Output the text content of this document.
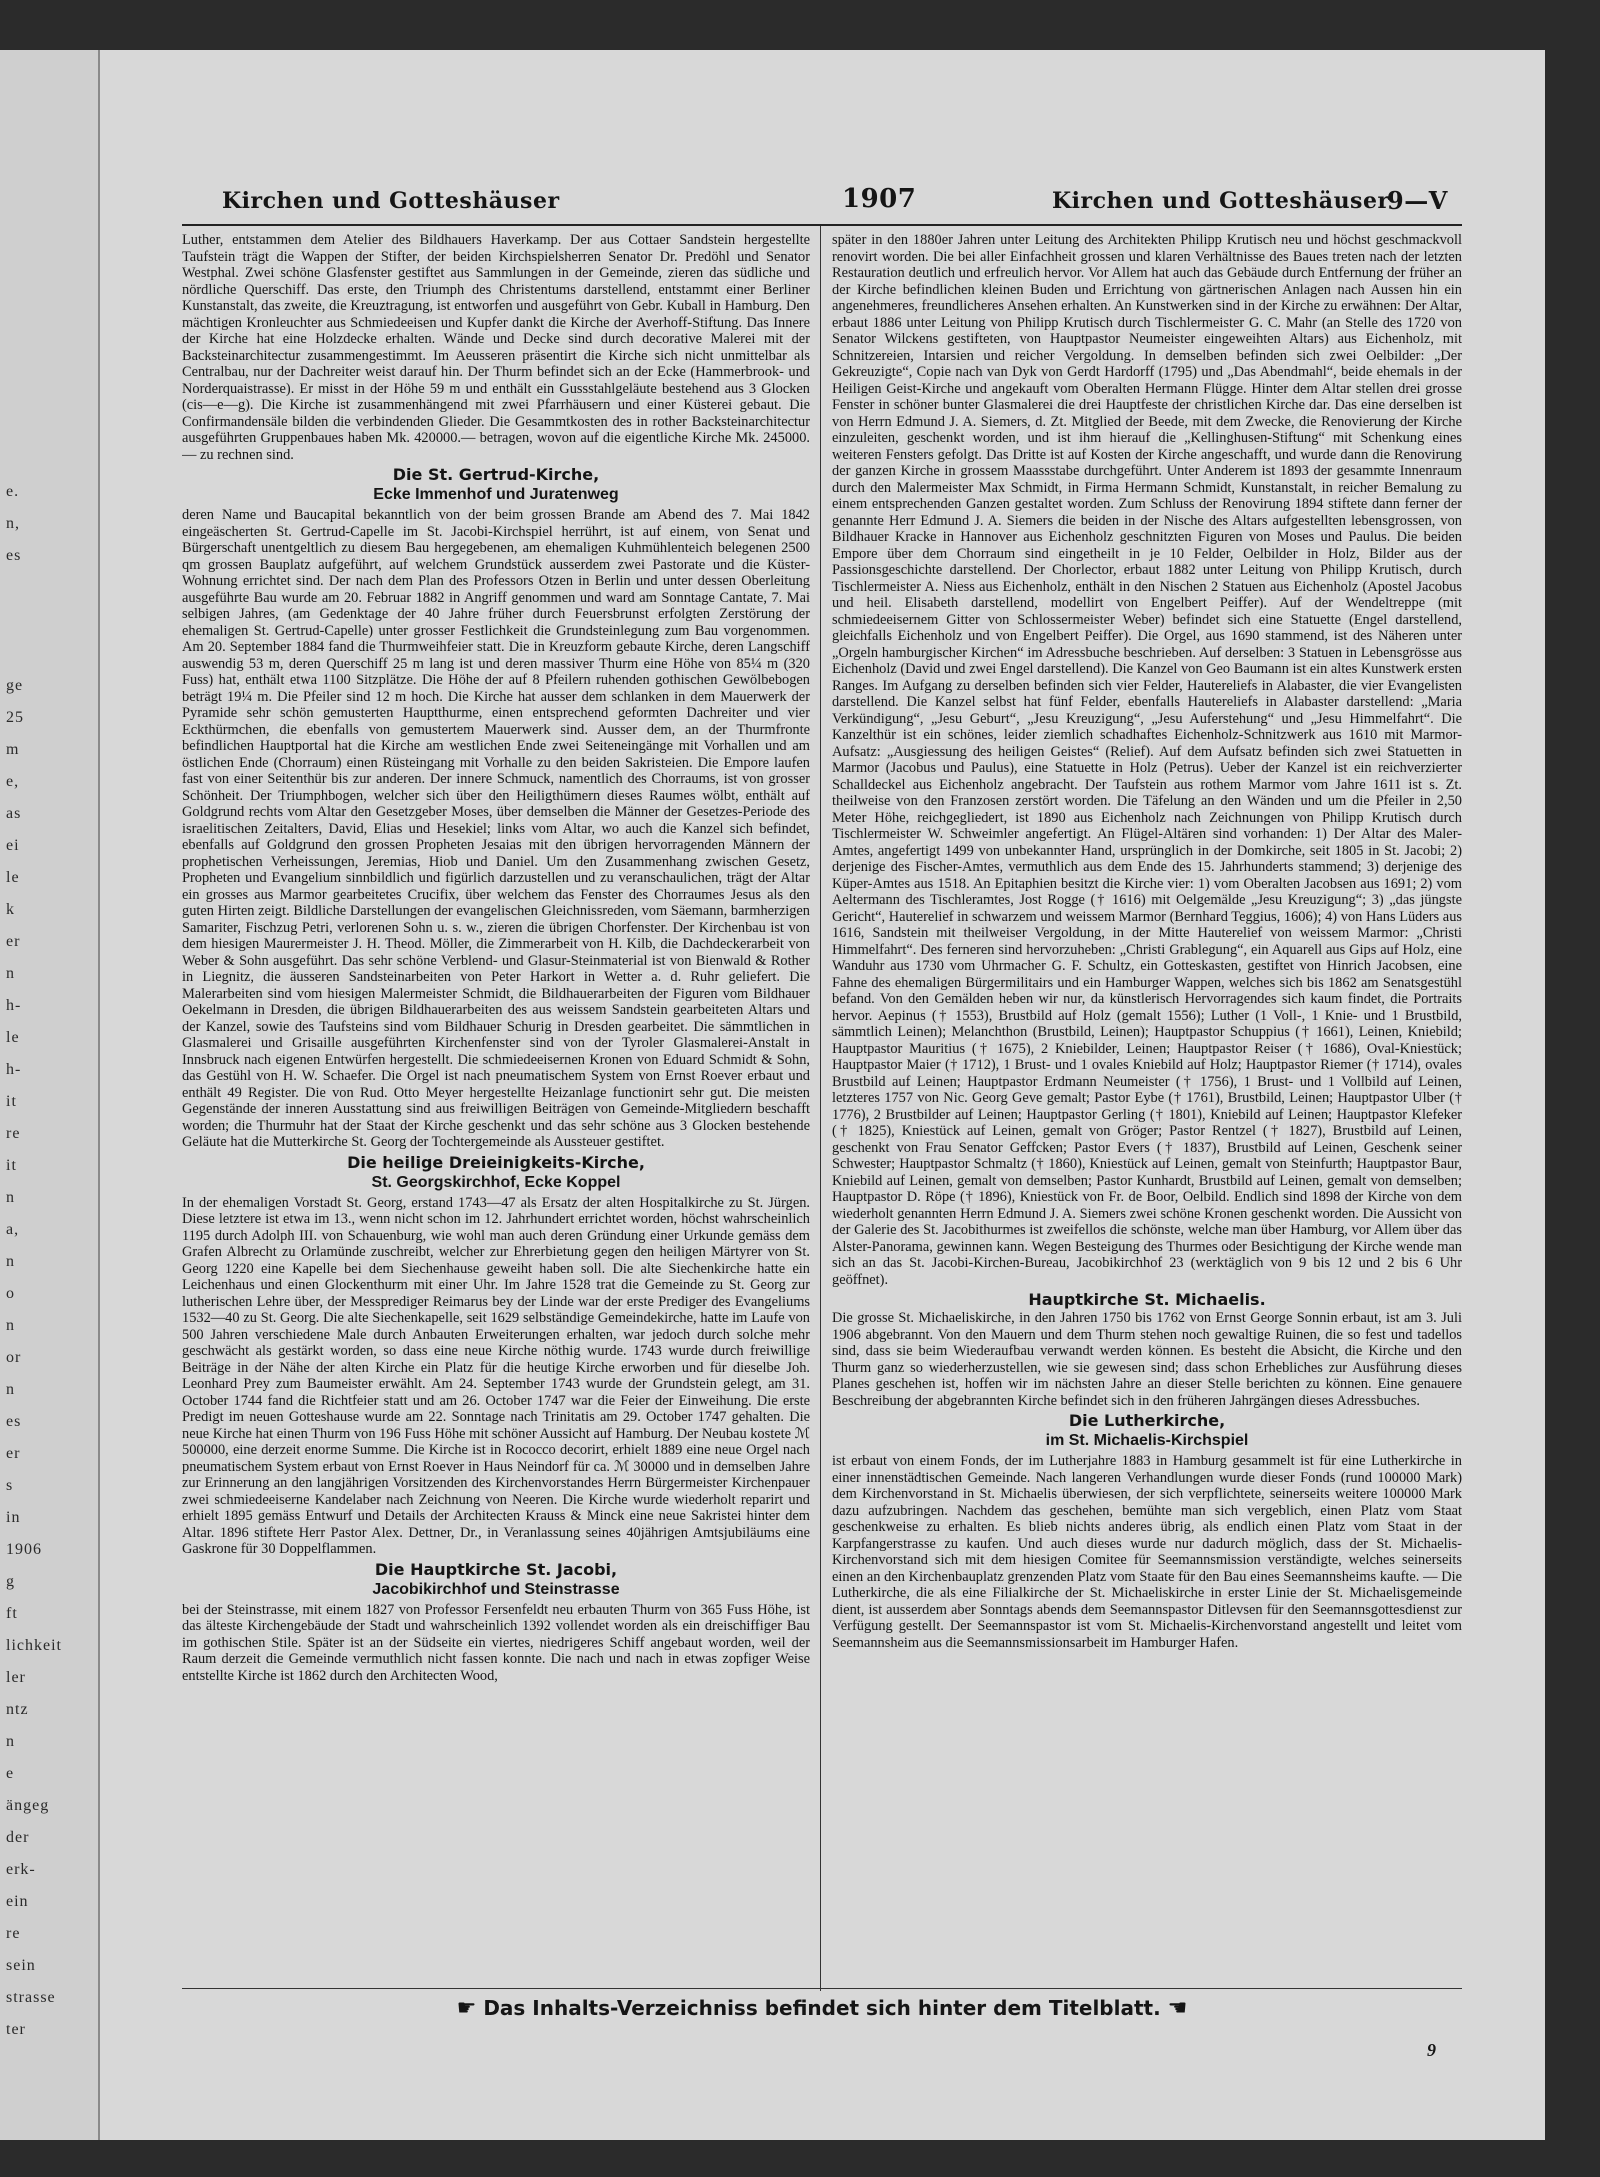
e.
n,
es
ge
25
m
e,
as
ei
le
k
er
n
h-
le
h-
it
re
it
n
a,
n
o
n
or
n
es
er
s
in
1906
g
ft
lichkeit
ler
ntz
n
e
ängeg
der
erk-
ein
re
sein
strasse
ter
Kirchen und Gotteshäuser	1907	Kirchen und Gotteshäuser
9—V

Luther, entstammen dem Atelier des Bildhauers Haverkamp. Der aus Cottaer Sandstein hergestellte Taufstein trägt die Wappen der Stifter, der beiden Kirchspielsherren Senator Dr. Predöhl und Senator Westphal. Zwei schöne Glasfenster gestiftet aus Sammlungen in der Gemeinde, zieren das südliche und nördliche Querschiff. Das erste, den Triumph des Christentums darstellend, entstammt einer Berliner Kunstanstalt, das zweite, die Kreuztragung, ist entworfen und ausgeführt von Gebr. Kuball in Hamburg. Den mächtigen Kronleuchter aus Schmiedeeisen und Kupfer dankt die Kirche der Averhoff-Stiftung. Das Innere der Kirche hat eine Holzdecke erhalten. Wände und Decke sind durch decorative Malerei mit der Backsteinarchitectur zusammengestimmt. Im Aeusseren präsentirt die Kirche sich nicht unmittelbar als Centralbau, nur der Dachreiter weist darauf hin. Der Thurm befindet sich an der Ecke (Hammerbrook- und Norderquaistrasse). Er misst in der Höhe 59 m und enthält ein Gussstahlgeläute bestehend aus 3 Glocken (cis—e—g). Die Kirche ist zusammenhängend mit zwei Pfarrhäusern und einer Küsterei gebaut. Die Confirmandensäle bilden die verbindenden Glieder. Die Gesammtkosten des in rother Backsteinarchitectur ausgeführten Gruppenbaues haben Mk. 420000.— betragen, wovon auf die eigentliche Kirche Mk. 245000.— zu rechnen sind.

Die St. Gertrud-Kirche,
Ecke Immenhof und Juratenweg

deren Name und Baucapital bekanntlich von der beim grossen Brande am Abend des 7. Mai 1842 eingeäscherten St. Gertrud-Capelle im St. Jacobi-Kirchspiel herrührt, ist auf einem, von Senat und Bürgerschaft unentgeltlich zu diesem Bau hergegebenen, am ehemaligen Kuhmühlenteich belegenen 2500 qm grossen Bauplatz aufgeführt, auf welchem Grundstück ausserdem zwei Pastorate und die Küster-Wohnung errichtet sind. Der nach dem Plan des Professors Otzen in Berlin und unter dessen Oberleitung ausgeführte Bau wurde am 20. Februar 1882 in Angriff genommen und ward am Sonntage Cantate, 7. Mai selbigen Jahres, (am Gedenktage der 40 Jahre früher durch Feuersbrunst erfolgten Zerstörung der ehemaligen St. Gertrud-Capelle) unter grosser Festlichkeit die Grundsteinlegung zum Bau vorgenommen. Am 20. September 1884 fand die Thurmweihfeier statt. Die in Kreuzform gebaute Kirche, deren Langschiff auswendig 53 m, deren Querschiff 25 m lang ist und deren massiver Thurm eine Höhe von 85¼ m (320 Fuss) hat, enthält etwa 1100 Sitzplätze. Die Höhe der auf 8 Pfeilern ruhenden gothischen Gewölbebogen beträgt 19¼ m. Die Pfeiler sind 12 m hoch. Die Kirche hat ausser dem schlanken in dem Mauerwerk der Pyramide sehr schön gemusterten Hauptthurme, einen entsprechend geformten Dachreiter und vier Eckthürmchen, die ebenfalls von gemustertem Mauerwerk sind. Ausser dem, an der Thurmfronte befindlichen Hauptportal hat die Kirche am westlichen Ende zwei Seiteneingänge mit Vorhallen und am östlichen Ende (Chorraum) einen Rüsteingang mit Vorhalle zu den beiden Sakristeien. Die Empore laufen fast von einer Seitenthür bis zur anderen. Der innere Schmuck, namentlich des Chorraums, ist von grosser Schönheit. Der Triumphbogen, welcher sich über den Heiligthümern dieses Raumes wölbt, enthält auf Goldgrund rechts vom Altar den Gesetzgeber Moses, über demselben die Männer der Gesetzes-Periode des israelitischen Zeitalters, David, Elias und Hesekiel; links vom Altar, wo auch die Kanzel sich befindet, ebenfalls auf Goldgrund den grossen Propheten Jesaias mit den übrigen hervorragenden Männern der prophetischen Verheissungen, Jeremias, Hiob und Daniel. Um den Zusammenhang zwischen Gesetz, Propheten und Evangelium sinnbildlich und figürlich darzustellen und zu veranschaulichen, trägt der Altar ein grosses aus Marmor gearbeitetes Crucifix, über welchem das Fenster des Chorraumes Jesus als den guten Hirten zeigt. Bildliche Darstellungen der evangelischen Gleichnissreden, vom Säemann, barmherzigen Samariter, Fischzug Petri, verlorenen Sohn u. s. w., zieren die übrigen Chorfenster. Der Kirchenbau ist von dem hiesigen Maurermeister J. H. Theod. Möller, die Zimmerarbeit von H. Kilb, die Dachdeckerarbeit von Weber & Sohn ausgeführt. Das sehr schöne Verblend- und Glasur-Steinmaterial ist von Bienwald & Rother in Liegnitz, die äusseren Sandsteinarbeiten von Peter Harkort in Wetter a. d. Ruhr geliefert. Die Malerarbeiten sind vom hiesigen Malermeister Schmidt, die Bildhauerarbeiten der Figuren vom Bildhauer Oekelmann in Dresden, die übrigen Bildhauerarbeiten des aus weissem Sandstein gearbeiteten Altars und der Kanzel, sowie des Taufsteins sind vom Bildhauer Schurig in Dresden gearbeitet. Die sämmtlichen in Glasmalerei und Grisaille ausgeführten Kirchenfenster sind von der Tyroler Glasmalerei-Anstalt in Innsbruck nach eigenen Entwürfen hergestellt. Die schmiedeeisernen Kronen von Eduard Schmidt & Sohn, das Gestühl von H. W. Schaefer. Die Orgel ist nach pneumatischem System von Ernst Roever erbaut und enthält 49 Register. Die von Rud. Otto Meyer hergestellte Heizanlage functionirt sehr gut. Die meisten Gegenstände der inneren Ausstattung sind aus freiwilligen Beiträgen von Gemeinde-Mitgliedern beschafft worden; die Thurmuhr hat der Staat der Kirche geschenkt und das sehr schöne aus 3 Glocken bestehende Geläute hat die Mutterkirche St. Georg der Tochtergemeinde als Aussteuer gestiftet.

Die heilige Dreieinigkeits-Kirche,
St. Georgskirchhof, Ecke Koppel

In der ehemaligen Vorstadt St. Georg, erstand 1743—47 als Ersatz der alten Hospitalkirche zu St. Jürgen. Diese letztere ist etwa im 13., wenn nicht schon im 12. Jahrhundert errichtet worden, höchst wahrscheinlich 1195 durch Adolph III. von Schauenburg, wie wohl man auch deren Gründung einer Urkunde gemäss dem Grafen Albrecht zu Orlamünde zuschreibt, welcher zur Ehrerbietung gegen den heiligen Märtyrer von St. Georg 1220 eine Kapelle bei dem Siechenhause geweiht haben soll. Die alte Siechenkirche hatte ein Leichenhaus und einen Glockenthurm mit einer Uhr. Im Jahre 1528 trat die Gemeinde zu St. Georg zur lutherischen Lehre über, der Messprediger Reimarus bey der Linde war der erste Prediger des Evangeliums 1532—40 zu St. Georg. Die alte Siechenkapelle, seit 1629 selbständige Gemeindekirche, hatte im Laufe von 500 Jahren verschiedene Male durch Anbauten Erweiterungen erhalten, war jedoch durch solche mehr geschwächt als gestärkt worden, so dass eine neue Kirche nöthig wurde. 1743 wurde durch freiwillige Beiträge in der Nähe der alten Kirche ein Platz für die heutige Kirche erworben und für dieselbe Joh. Leonhard Prey zum Baumeister erwählt. Am 24. September 1743 wurde der Grundstein gelegt, am 31. October 1744 fand die Richtfeier statt und am 26. October 1747 war die Feier der Einweihung. Die erste Predigt im neuen Gotteshause wurde am 22. Sonntage nach Trinitatis am 29. October 1747 gehalten. Die neue Kirche hat einen Thurm von 196 Fuss Höhe mit schöner Aussicht auf Hamburg. Der Neubau kostete ℳ 500000, eine derzeit enorme Summe. Die Kirche ist in Rococco decorirt, erhielt 1889 eine neue Orgel nach pneumatischem System erbaut von Ernst Roever in Haus Neindorf für ca. ℳ 30000 und in demselben Jahre zur Erinnerung an den langjährigen Vorsitzenden des Kirchenvorstandes Herrn Bürgermeister Kirchenpauer zwei schmiedeeiserne Kandelaber nach Zeichnung von Neeren. Die Kirche wurde wiederholt reparirt und erhielt 1895 gemäss Entwurf und Details der Architecten Krauss & Minck eine neue Sakristei hinter dem Altar. 1896 stiftete Herr Pastor Alex. Dettner, Dr., in Veranlassung seines 40jährigen Amtsjubiläums eine Gaskrone für 30 Doppelflammen.

Die Hauptkirche St. Jacobi,
Jacobikirchhof und Steinstrasse

bei der Steinstrasse, mit einem 1827 von Professor Fersenfeldt neu erbauten Thurm von 365 Fuss Höhe, ist das älteste Kirchengebäude der Stadt und wahrscheinlich 1392 vollendet worden als ein dreischiffiger Bau im gothischen Stile. Später ist an der Südseite ein viertes, niedrigeres Schiff angebaut worden, weil der Raum derzeit die Gemeinde vermuthlich nicht fassen konnte. Die nach und nach in etwas zopfiger Weise entstellte Kirche ist 1862 durch den Architecten Wood,

später in den 1880er Jahren unter Leitung des Architekten Philipp Krutisch neu und höchst geschmackvoll renovirt worden. Die bei aller Einfachheit grossen und klaren Verhältnisse des Baues treten nach der letzten Restauration deutlich und erfreulich hervor. Vor Allem hat auch das Gebäude durch Entfernung der früher an der Kirche befindlichen kleinen Buden und Errichtung von gärtnerischen Anlagen nach Aussen hin ein angenehmeres, freundlicheres Ansehen erhalten. An Kunstwerken sind in der Kirche zu erwähnen: Der Altar, erbaut 1886 unter Leitung von Philipp Krutisch durch Tischlermeister G. C. Mahr (an Stelle des 1720 von Senator Wilckens gestifteten, von Hauptpastor Neumeister eingeweihten Altars) aus Eichenholz, mit Schnitzereien, Intarsien und reicher Vergoldung. In demselben befinden sich zwei Oelbilder: „Der Gekreuzigte“, Copie nach van Dyk von Gerdt Hardorff (1795) und „Das Abendmahl“, beide ehemals in der Heiligen Geist-Kirche und angekauft vom Oberalten Hermann Flügge. Hinter dem Altar stellen drei grosse Fenster in schöner bunter Glasmalerei die drei Hauptfeste der christlichen Kirche dar. Das eine derselben ist von Herrn Edmund J. A. Siemers, d. Zt. Mitglied der Beede, mit dem Zwecke, die Renovierung der Kirche einzuleiten, geschenkt worden, und ist ihm hierauf die „Kellinghusen-Stiftung“ mit Schenkung eines weiteren Fensters gefolgt. Das Dritte ist auf Kosten der Kirche angeschafft, und wurde dann die Renovirung der ganzen Kirche in grossem Maassstabe durchgeführt. Unter Anderem ist 1893 der gesammte Innenraum durch den Malermeister Max Schmidt, in Firma Hermann Schmidt, Kunstanstalt, in reicher Bemalung zu einem entsprechenden Ganzen gestaltet worden. Zum Schluss der Renovirung 1894 stiftete dann ferner der genannte Herr Edmund J. A. Siemers die beiden in der Nische des Altars aufgestellten lebensgrossen, von Bildhauer Kracke in Hannover aus Eichenholz geschnitzten Figuren von Moses und Paulus. Die beiden Empore über dem Chorraum sind eingetheilt in je 10 Felder, Oelbilder in Holz, Bilder aus der Passionsgeschichte darstellend. Der Chorlector, erbaut 1882 unter Leitung von Philipp Krutisch, durch Tischlermeister A. Niess aus Eichenholz, enthält in den Nischen 2 Statuen aus Eichenholz (Apostel Jacobus und heil. Elisabeth darstellend, modellirt von Engelbert Peiffer). Auf der Wendeltreppe (mit schmiedeeisernem Gitter von Schlossermeister Weber) befindet sich eine Statuette (Engel darstellend, gleichfalls Eichenholz und von Engelbert Peiffer). Die Orgel, aus 1690 stammend, ist des Näheren unter „Orgeln hamburgischer Kirchen“ im Adressbuche beschrieben. Auf derselben: 3 Statuen in Lebensgrösse aus Eichenholz (David und zwei Engel darstellend). Die Kanzel von Geo Baumann ist ein altes Kunstwerk ersten Ranges. Im Aufgang zu derselben befinden sich vier Felder, Hautereliefs in Alabaster, die vier Evangelisten darstellend. Die Kanzel selbst hat fünf Felder, ebenfalls Hautereliefs in Alabaster darstellend: „Maria Verkündigung“, „Jesu Geburt“, „Jesu Kreuzigung“, „Jesu Auferstehung“ und „Jesu Himmelfahrt“. Die Kanzelthür ist ein schönes, leider ziemlich schadhaftes Eichenholz-Schnitzwerk aus 1610 mit Marmor-Aufsatz: „Ausgiessung des heiligen Geistes“ (Relief). Auf dem Aufsatz befinden sich zwei Statuetten in Marmor (Jacobus und Paulus), eine Statuette in Holz (Petrus). Ueber der Kanzel ist ein reichverzierter Schalldeckel aus Eichenholz angebracht. Der Taufstein aus rothem Marmor vom Jahre 1611 ist s. Zt. theilweise von den Franzosen zerstört worden. Die Täfelung an den Wänden und um die Pfeiler in 2,50 Meter Höhe, reichgegliedert, ist 1890 aus Eichenholz nach Zeichnungen von Philipp Krutisch durch Tischlermeister W. Schweimler angefertigt. An Flügel-Altären sind vorhanden: 1) Der Altar des Maler-Amtes, angefertigt 1499 von unbekannter Hand, ursprünglich in der Domkirche, seit 1805 in St. Jacobi; 2) derjenige des Fischer-Amtes, vermuthlich aus dem Ende des 15. Jahrhunderts stammend; 3) derjenige des Küper-Amtes aus 1518. An Epitaphien besitzt die Kirche vier: 1) vom Oberalten Jacobsen aus 1691; 2) vom Aeltermann des Tischleramtes, Jost Rogge († 1616) mit Oelgemälde „Jesu Kreuzigung“; 3) „das jüngste Gericht“, Hauterelief in schwarzem und weissem Marmor (Bernhard Teggius, 1606); 4) von Hans Lüders aus 1616, Sandstein mit theilweiser Vergoldung, in der Mitte Hauterelief von weissem Marmor: „Christi Himmelfahrt“. Des ferneren sind hervorzuheben: „Christi Grablegung“, ein Aquarell aus Gips auf Holz, eine Wanduhr aus 1730 vom Uhrmacher G. F. Schultz, ein Gotteskasten, gestiftet von Hinrich Jacobsen, eine Fahne des ehemaligen Bürgermilitairs und ein Hamburger Wappen, welches sich bis 1862 am Senatsgestühl befand. Von den Gemälden heben wir nur, da künstlerisch Hervorragendes sich kaum findet, die Portraits hervor. Aepinus († 1553), Brustbild auf Holz (gemalt 1556); Luther (1 Voll-, 1 Knie- und 1 Brustbild, sämmtlich Leinen); Melanchthon (Brustbild, Leinen); Hauptpastor Schuppius († 1661), Leinen, Kniebild; Hauptpastor Mauritius († 1675), 2 Kniebilder, Leinen; Hauptpastor Reiser († 1686), Oval-Kniestück; Hauptpastor Maier († 1712), 1 Brust- und 1 ovales Kniebild auf Holz; Hauptpastor Riemer († 1714), ovales Brustbild auf Leinen; Hauptpastor Erdmann Neumeister († 1756), 1 Brust- und 1 Vollbild auf Leinen, letzteres 1757 von Nic. Georg Geve gemalt; Pastor Eybe († 1761), Brustbild, Leinen; Hauptpastor Ulber († 1776), 2 Brustbilder auf Leinen; Hauptpastor Gerling († 1801), Kniebild auf Leinen; Hauptpastor Klefeker († 1825), Kniestück auf Leinen, gemalt von Gröger; Pastor Rentzel († 1827), Brustbild auf Leinen, geschenkt von Frau Senator Geffcken; Pastor Evers († 1837), Brustbild auf Leinen, Geschenk seiner Schwester; Hauptpastor Schmaltz († 1860), Kniestück auf Leinen, gemalt von Steinfurth; Hauptpastor Baur, Kniebild auf Leinen, gemalt von demselben; Pastor Kunhardt, Brustbild auf Leinen, gemalt von demselben; Hauptpastor D. Röpe († 1896), Kniestück von Fr. de Boor, Oelbild. Endlich sind 1898 der Kirche von dem wiederholt genannten Herrn Edmund J. A. Siemers zwei schöne Kronen geschenkt worden. Die Aussicht von der Galerie des St. Jacobithurmes ist zweifellos die schönste, welche man über Hamburg, vor Allem über das Alster-Panorama, gewinnen kann. Wegen Besteigung des Thurmes oder Besichtigung der Kirche wende man sich an das St. Jacobi-Kirchen-Bureau, Jacobikirchhof 23 (werktäglich von 9 bis 12 und 2 bis 6 Uhr geöffnet).

Hauptkirche St. Michaelis.

Die grosse St. Michaeliskirche, in den Jahren 1750 bis 1762 von Ernst George Sonnin erbaut, ist am 3. Juli 1906 abgebrannt. Von den Mauern und dem Thurm stehen noch gewaltige Ruinen, die so fest und tadellos sind, dass sie beim Wiederaufbau verwandt werden können. Es besteht die Absicht, die Kirche und den Thurm ganz so wiederherzustellen, wie sie gewesen sind; dass schon Erhebliches zur Ausführung dieses Planes geschehen ist, hoffen wir im nächsten Jahre an dieser Stelle berichten zu können. Eine genauere Beschreibung der abgebrannten Kirche befindet sich in den früheren Jahrgängen dieses Adressbuches.

Die Lutherkirche,
im St. Michaelis-Kirchspiel

ist erbaut von einem Fonds, der im Lutherjahre 1883 in Hamburg gesammelt ist für eine Lutherkirche in einer innenstädtischen Gemeinde. Nach langeren Verhandlungen wurde dieser Fonds (rund 100000 Mark) dem Kirchenvorstand in St. Michaelis überwiesen, der sich verpflichtete, seinerseits weitere 100000 Mark dazu aufzubringen. Nachdem das geschehen, bemühte man sich vergeblich, einen Platz vom Staat geschenkweise zu erhalten. Es blieb nichts anderes übrig, als endlich einen Platz vom Staat in der Karpfangerstrasse zu kaufen. Und auch dieses wurde nur dadurch möglich, dass der St. Michaelis-Kirchenvorstand sich mit dem hiesigen Comitee für Seemannsmission verständigte, welches seinerseits einen an den Kirchenbauplatz grenzenden Platz vom Staate für den Bau eines Seemannsheims kaufte. — Die Lutherkirche, die als eine Filialkirche der St. Michaeliskirche in erster Linie der St. Michaelisgemeinde dient, ist ausserdem aber Sonntags abends dem Seemannspastor Ditlevsen für den Seemannsgottesdienst zur Verfügung gestellt. Der Seemannspastor ist vom St. Michaelis-Kirchenvorstand angestellt und leitet vom Seemannsheim aus die Seemannsmissionsarbeit im Hamburger Hafen.

☛ Das Inhalts-Verzeichniss befindet sich hinter dem Titelblatt. ☚
9
